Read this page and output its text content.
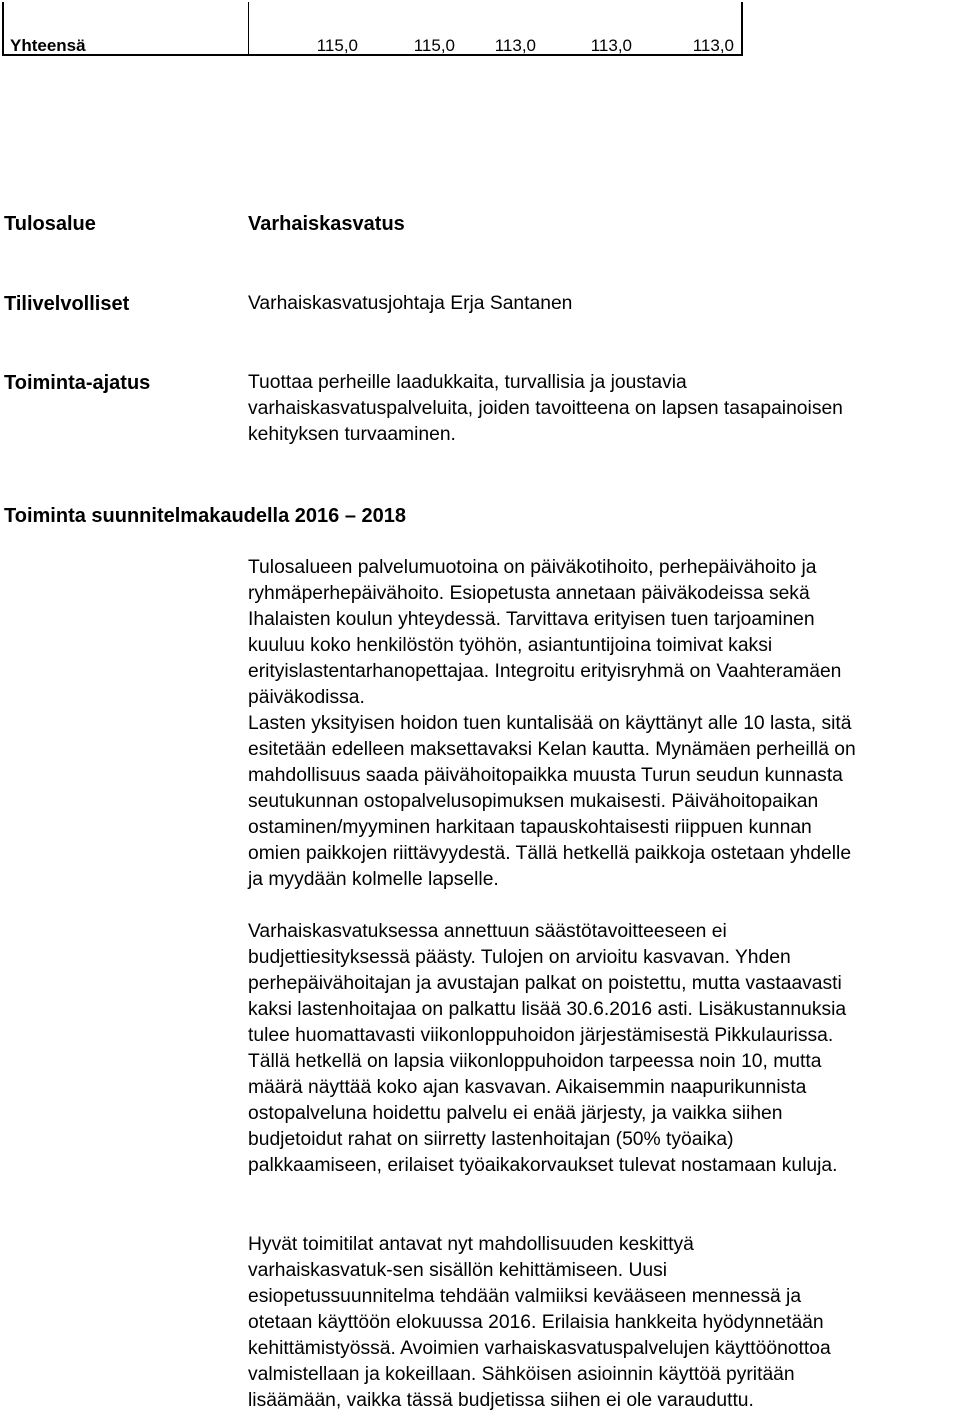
Yhteensä	115,0	115,0	113,0	113,0	113,0
Tulosalue	Varhaiskasvatus
Tilivelvolliset	Varhaiskasvatusjohtaja Erja Santanen
Toiminta-ajatus	Tuottaa perheille laadukkaita, turvallisia ja joustavia
varhaiskasvatuspalveluita, joiden tavoitteena on lapsen tasapainoisen
kehityksen turvaaminen.
Toiminta suunnitelmakaudella 2016 – 2018
Tulosalueen palvelumuotoina on päiväkotihoito, perhepäivähoito ja
ryhmäperhepäivähoito. Esiopetusta annetaan päiväkodeissa sekä
Ihalaisten koulun yhteydessä. Tarvittava erityisen tuen tarjoaminen
kuuluu koko henkilöstön työhön, asiantuntijoina toimivat kaksi
erityislastentarhanopettajaa. Integroitu erityisryhmä on Vaahteramäen
päiväkodissa.
Lasten yksityisen hoidon tuen kuntalisää on käyttänyt alle 10 lasta, sitä
esitetään edelleen maksettavaksi Kelan kautta. Mynämäen perheillä on
mahdollisuus saada päivähoitopaikka muusta Turun seudun kunnasta
seutukunnan ostopalvelusopimuksen mukaisesti. Päivähoitopaikan
ostaminen/myyminen harkitaan tapauskohtaisesti riippuen kunnan
omien paikkojen riittävyydestä. Tällä hetkellä paikkoja ostetaan yhdelle
ja myydään kolmelle lapselle.
Varhaiskasvatuksessa annettuun säästötavoitteeseen ei
budjettiesityksessä päästy. Tulojen on arvioitu kasvavan. Yhden
perhepäivähoitajan ja avustajan palkat on poistettu, mutta vastaavasti
kaksi lastenhoitajaa on palkattu lisää 30.6.2016 asti. Lisäkustannuksia
tulee huomattavasti viikonloppuhoidon järjestämisestä Pikkulaurissa.
Tällä hetkellä on lapsia viikonloppuhoidon tarpeessa noin 10, mutta
määrä näyttää koko ajan kasvavan. Aikaisemmin naapurikunnista
ostopalveluna hoidettu palvelu ei enää järjesty, ja vaikka siihen
budjetoidut rahat on siirretty lastenhoitajan (50% työaika)
palkkaamiseen, erilaiset työaikakorvaukset tulevat nostamaan kuluja.
Hyvät toimitilat antavat nyt mahdollisuuden keskittyä
varhaiskasvatuk-sen sisällön kehittämiseen. Uusi
esiopetussuunnitelma tehdään valmiiksi kevääseen mennessä ja
otetaan käyttöön elokuussa 2016. Erilaisia hankkeita hyödynnetään
kehittämistyössä. Avoimien varhaiskasvatuspalvelujen käyttöönottoa
valmistellaan ja kokeillaan. Sähköisen asioinnin käyttöä pyritään
lisäämään, vaikka tässä budjetissa siihen ei ole varauduttu.
